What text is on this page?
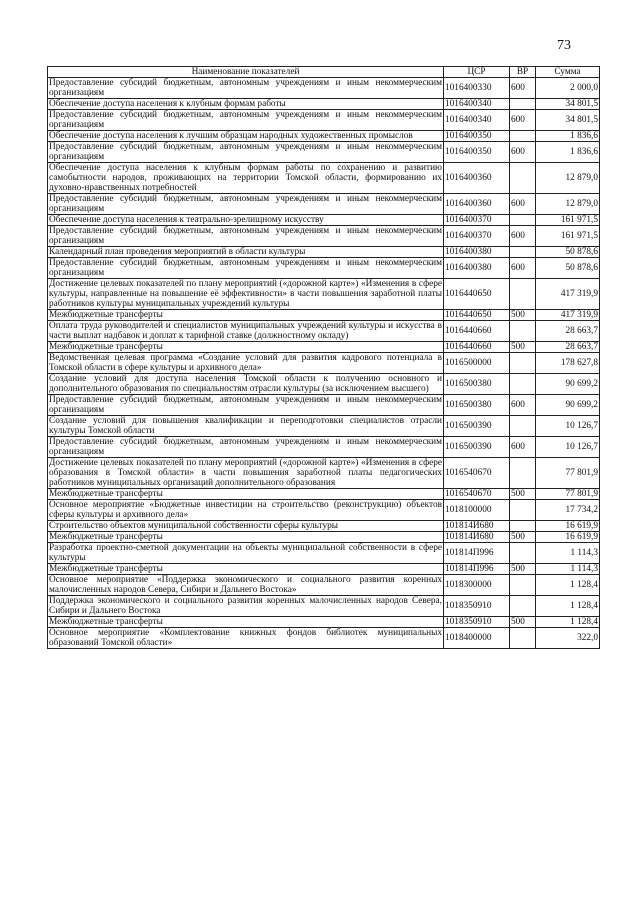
73
Наименование показателей	ЦСР	ВР	Сумма
Предоставление субсидий бюджетным, автономным учреждениям и иным некоммерческим организациям	1016400330	600	2 000,0
Обеспечение доступа населения к клубным формам работы	1016400340		34 801,5
Предоставление субсидий бюджетным, автономным учреждениям и иным некоммерческим организациям	1016400340	600	34 801,5
Обеспечение доступа населения к лучшим образцам народных художественных промыслов	1016400350		1 836,6
Предоставление субсидий бюджетным, автономным учреждениям и иным некоммерческим организациям	1016400350	600	1 836,6
Обеспечение доступа населения к клубным формам работы по сохранению и развитию самобытности народов, проживающих на территории Томской области, формированию их духовно-нравственных потребностей	1016400360		12 879,0
Предоставление субсидий бюджетным, автономным учреждениям и иным некоммерческим организациям	1016400360	600	12 879,0
Обеспечение доступа населения к театрально-зрелищному искусству	1016400370		161 971,5
Предоставление субсидий бюджетным, автономным учреждениям и иным некоммерческим организациям	1016400370	600	161 971,5
Календарный план проведения мероприятий в области культуры	1016400380		50 878,6
Предоставление субсидий бюджетным, автономным учреждениям и иным некоммерческим организациям	1016400380	600	50 878,6
Достижение целевых показателей по плану мероприятий («дорожной карте») «Изменения в сфере культуры, направленные на повышение её эффективности» в части повышения заработной платы работников культуры муниципальных учреждений культуры	1016440650		417 319,9
Межбюджетные трансферты	1016440650	500	417 319,9
Оплата труда руководителей и специалистов муниципальных учреждений культуры и искусства в части выплат надбавок и доплат к тарифной ставке (должностному окладу)	1016440660		28 663,7
Межбюджетные трансферты	1016440660	500	28 663,7
Ведомственная целевая программа «Создание условий для развития кадрового потенциала в Томской области в сфере культуры и архивного дела»	1016500000		178 627,8
Создание условий для доступа населения Томской области к получению основного и дополнительного образования по специальностям отрасли культуры (за исключением высшего)	1016500380		90 699,2
Предоставление субсидий бюджетным, автономным учреждениям и иным некоммерческим организациям	1016500380	600	90 699,2
Создание условий для повышения квалификации и переподготовки специалистов отрасли культуры Томской области	1016500390		10 126,7
Предоставление субсидий бюджетным, автономным учреждениям и иным некоммерческим организациям	1016500390	600	10 126,7
Достижение целевых показателей по плану мероприятий («дорожной карте») «Изменения в сфере образования в Томской области» в части повышения заработной платы педагогических работников муниципальных организаций дополнительного образования	1016540670		77 801,9
Межбюджетные трансферты	1016540670	500	77 801,9
Основное мероприятие «Бюджетные инвестиции на строительство (реконструкцию) объектов сферы культуры и архивного дела»	1018100000		17 734,2
Строительство объектов муниципальной собственности сферы культуры	101814И680		16 619,9
Межбюджетные трансферты	101814И680	500	16 619,9
Разработка проектно-сметной документации на объекты муниципальной собственности в сфере культуры	101814П996		1 114,3
Межбюджетные трансферты	101814П996	500	1 114,3
Основное мероприятие «Поддержка экономического и социального развития коренных малочисленных народов Севера, Сибири и Дальнего Востока»	1018300000		1 128,4
Поддержка экономического и социального развития коренных малочисленных народов Севера, Сибири и Дальнего Востока	1018350910		1 128,4
Межбюджетные трансферты	1018350910	500	1 128,4
Основное мероприятие «Комплектование книжных фондов библиотек муниципальных образований Томской области»	1018400000		322,0
